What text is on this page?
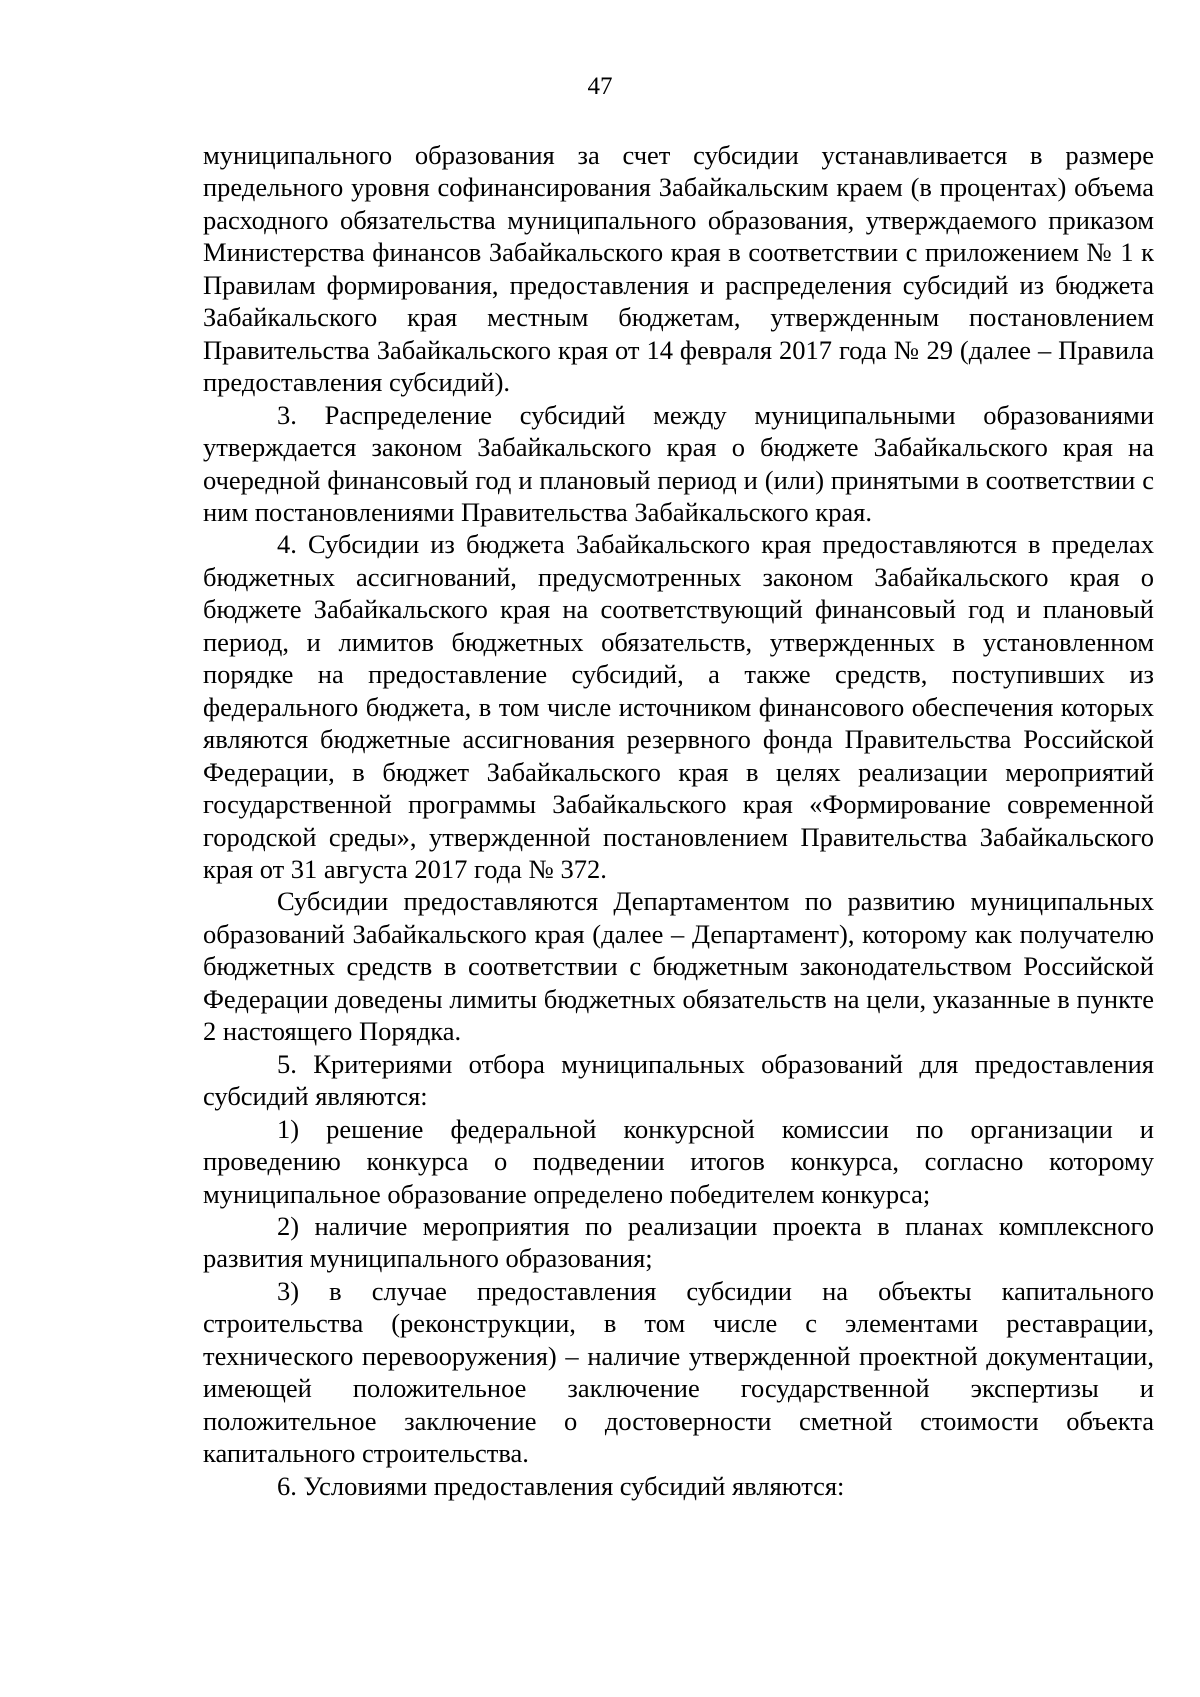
47

муниципального образования за счет субсидии устанавливается в размере предельного уровня софинансирования Забайкальским краем (в процентах) объема расходного обязательства муниципального образования, утверждаемого приказом Министерства финансов Забайкальского края в соответствии с приложением № 1 к Правилам формирования, предоставления и распределения субсидий из бюджета Забайкальского края местным бюджетам, утвержденным постановлением Правительства Забайкальского края от 14 февраля 2017 года № 29 (далее – Правила предоставления субсидий).

3. Распределение субсидий между муниципальными образованиями утверждается законом Забайкальского края о бюджете Забайкальского края на очередной финансовый год и плановый период и (или) принятыми в соответствии с ним постановлениями Правительства Забайкальского края.

4. Субсидии из бюджета Забайкальского края предоставляются в пределах бюджетных ассигнований, предусмотренных законом Забайкальского края о бюджете Забайкальского края на соответствующий финансовый год и плановый период, и лимитов бюджетных обязательств, утвержденных в установленном порядке на предоставление субсидий, а также средств, поступивших из федерального бюджета, в том числе источником финансового обеспечения которых являются бюджетные ассигнования резервного фонда Правительства Российской Федерации, в бюджет Забайкальского края в целях реализации мероприятий государственной программы Забайкальского края «Формирование современной городской среды», утвержденной постановлением Правительства Забайкальского края от 31 августа 2017 года № 372.

Субсидии предоставляются Департаментом по развитию муниципальных образований Забайкальского края (далее – Департамент), которому как получателю бюджетных средств в соответствии с бюджетным законодательством Российской Федерации доведены лимиты бюджетных обязательств на цели, указанные в пункте 2 настоящего Порядка.

5. Критериями отбора муниципальных образований для предоставления субсидий являются:

1) решение федеральной конкурсной комиссии по организации и проведению конкурса о подведении итогов конкурса, согласно которому муниципальное образование определено победителем конкурса;

2) наличие мероприятия по реализации проекта в планах комплексного развития муниципального образования;

3) в случае предоставления субсидии на объекты капитального строительства (реконструкции, в том числе с элементами реставрации, технического перевооружения) – наличие утвержденной проектной документации, имеющей положительное заключение государственной экспертизы и положительное заключение о достоверности сметной стоимости объекта капитального строительства.

6. Условиями предоставления субсидий являются:
